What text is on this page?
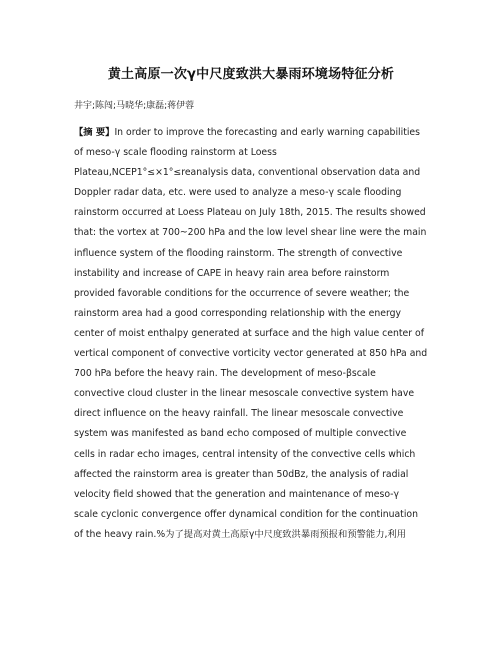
黄土高原一次γ中尺度致洪大暴雨环境场特征分析
井宇;陈闯;马晓华;康磊;蒋伊蓉
【摘 要】In order to improve the forecasting and early warning capabilities
of meso-γ scale flooding rainstorm at Loess
Plateau,NCEP1°≤×1°≤reanalysis data, conventional observation data and
Doppler radar data, etc. were used to analyze a meso-γ scale flooding
rainstorm occurred at Loess Plateau on July 18th, 2015. The results showed
that: the vortex at 700~200 hPa and the low level shear line were the main
influence system of the flooding rainstorm. The strength of convective
instability and increase of CAPE in heavy rain area before rainstorm
provided favorable conditions for the occurrence of severe weather; the
rainstorm area had a good corresponding relationship with the energy
center of moist enthalpy generated at surface and the high value center of
vertical component of convective vorticity vector generated at 850 hPa and
700 hPa before the heavy rain. The development of meso-βscale
convective cloud cluster in the linear mesoscale convective system have
direct influence on the heavy rainfall. The linear mesoscale convective
system was manifested as band echo composed of multiple convective
cells in radar echo images, central intensity of the convective cells which
affected the rainstorm area is greater than 50dBz, the analysis of radial
velocity field showed that the generation and maintenance of meso-γ
scale cyclonic convergence offer dynamical condition for the continuation
of the heavy rain.%为了提高对黄土高原γ中尺度致洪暴雨预报和预警能力,利用
